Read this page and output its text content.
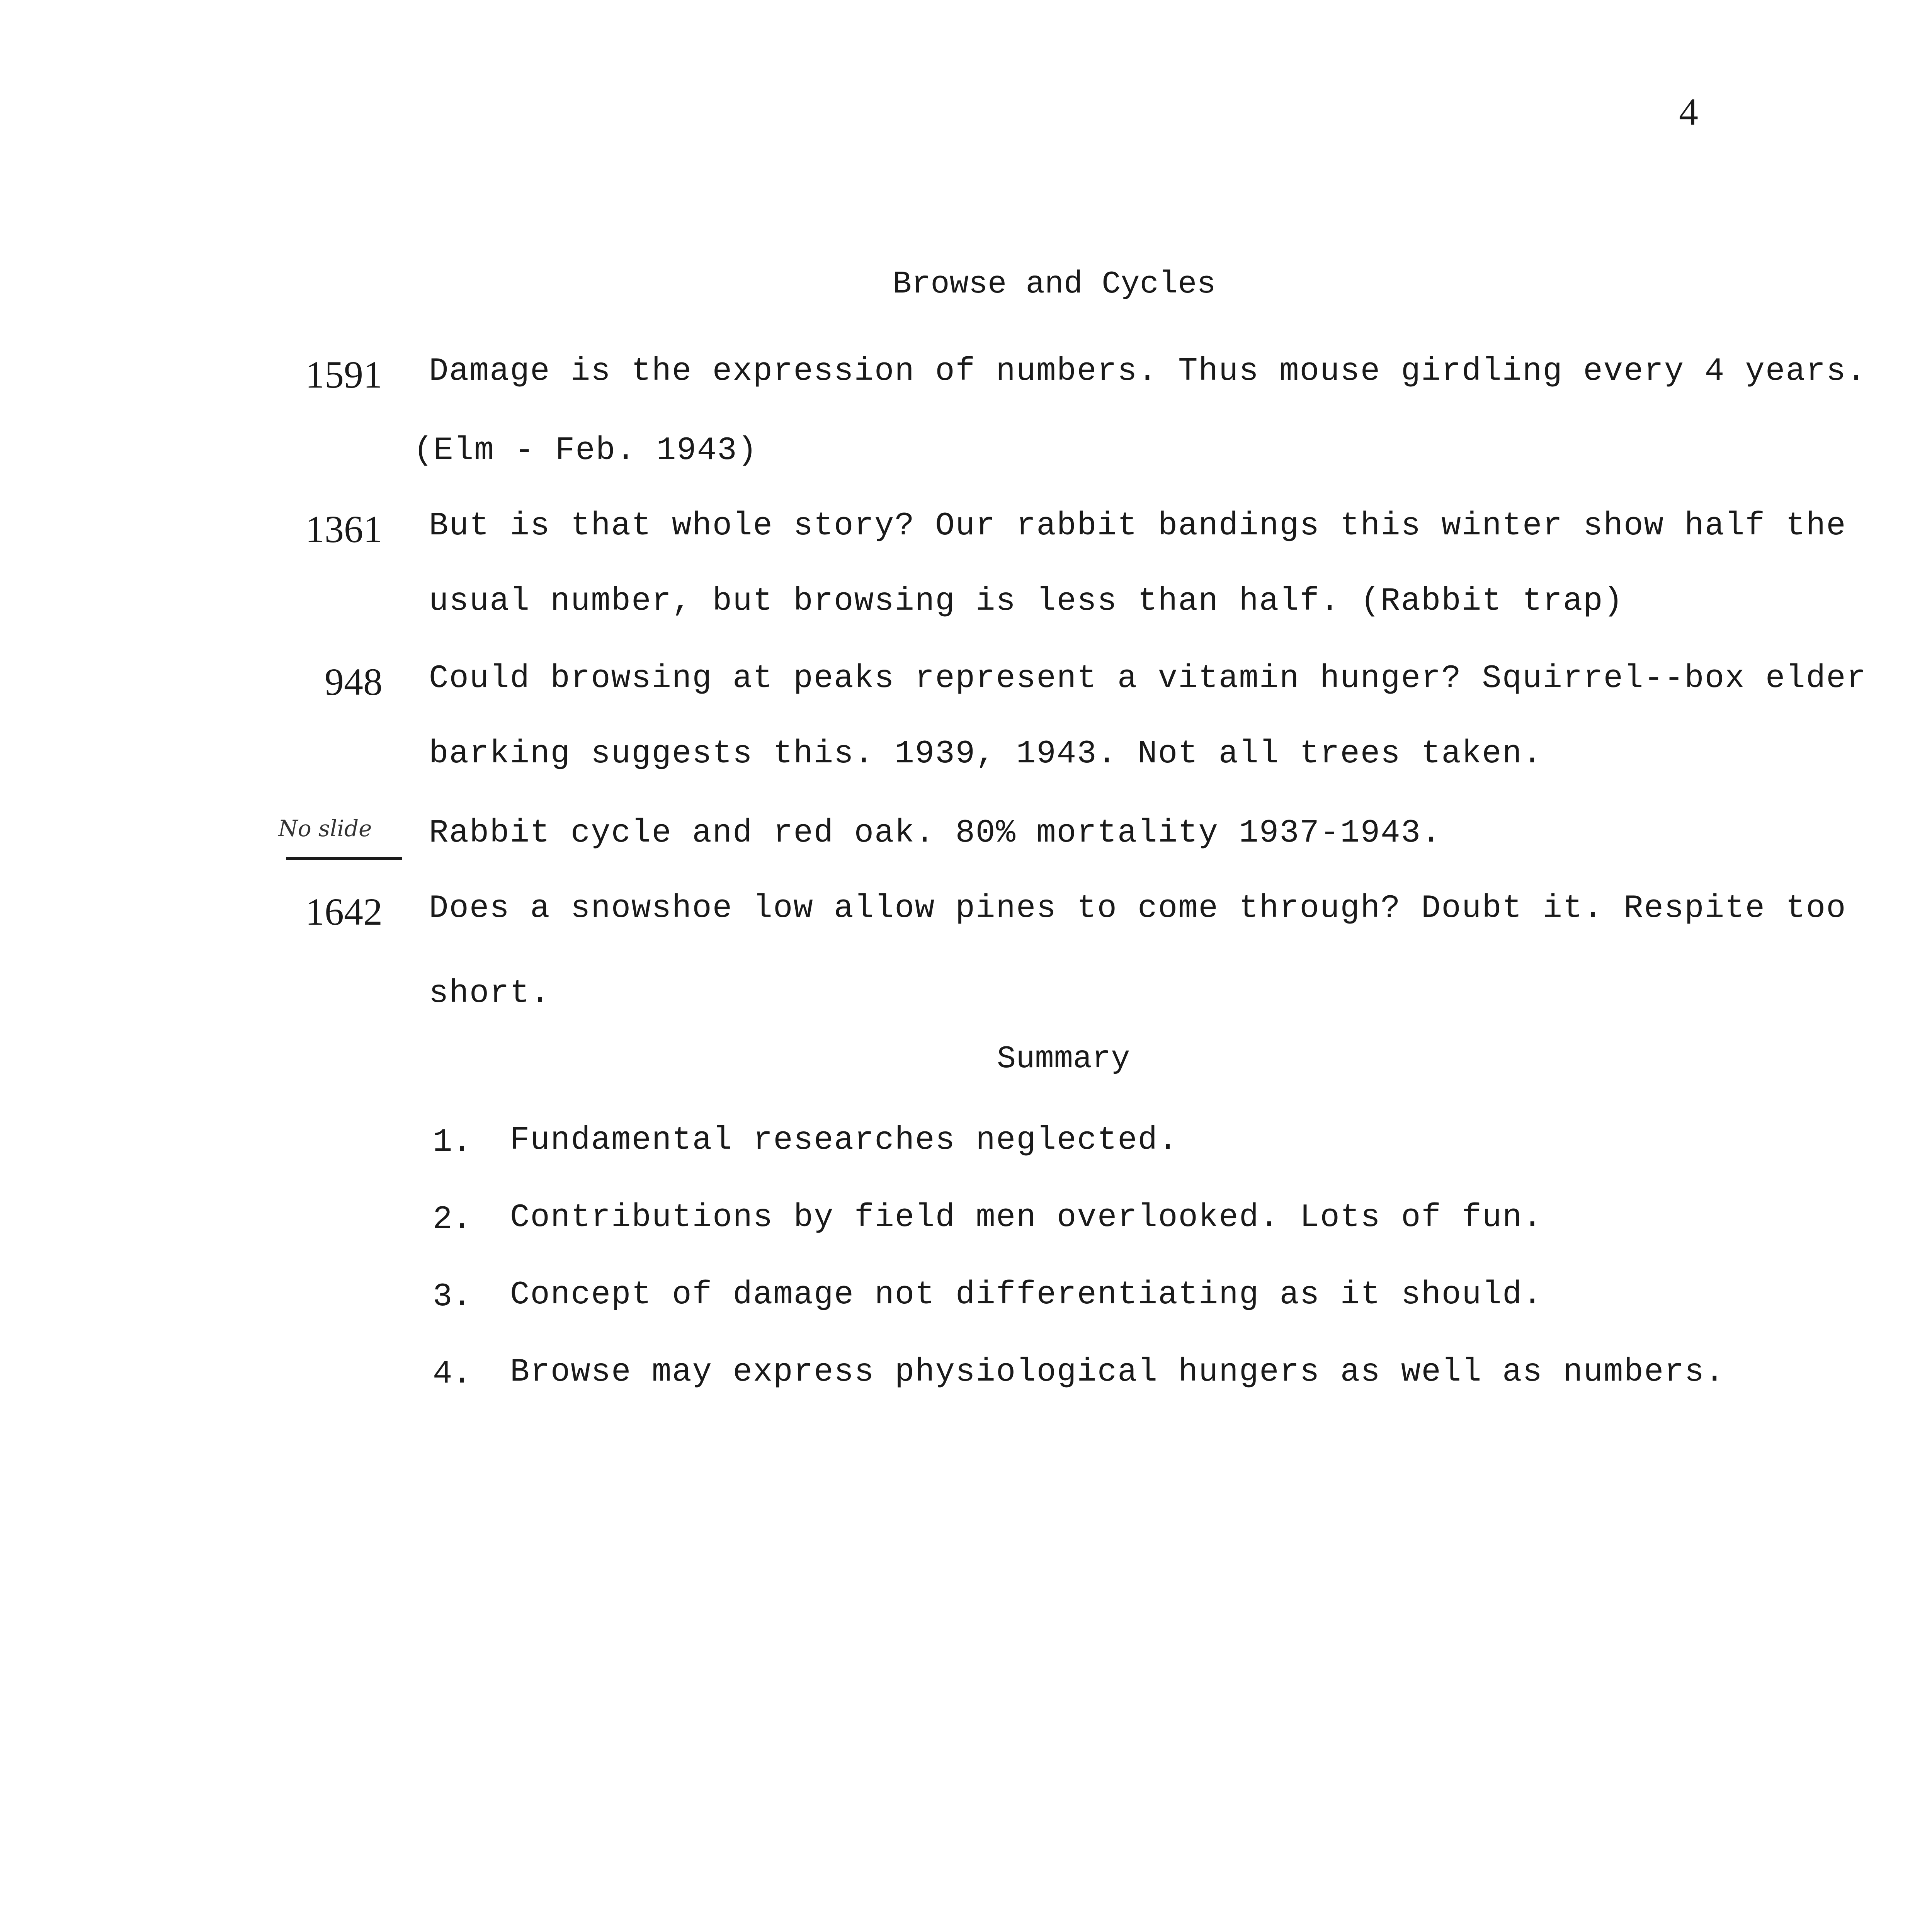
4
Browse and Cycles
1591 Damage is the expression of numbers. Thus mouse girdling every 4 years.
(Elm - Feb. 1943)
1361 But is that whole story? Our rabbit bandings this winter show half the
usual number, but browsing is less than half. (Rabbit trap)
948 Could browsing at peaks represent a vitamin hunger? Squirrel--box elder
barking suggests this. 1939, 1943. Not all trees taken.
No slide Rabbit cycle and red oak. 80% mortality 1937-1943.
1642 Does a snowshoe low allow pines to come through? Doubt it. Respite too
short.
Summary
1. Fundamental researches neglected.
2. Contributions by field men overlooked. Lots of fun.
3. Concept of damage not differentiating as it should.
4. Browse may express physiological hungers as well as numbers.
